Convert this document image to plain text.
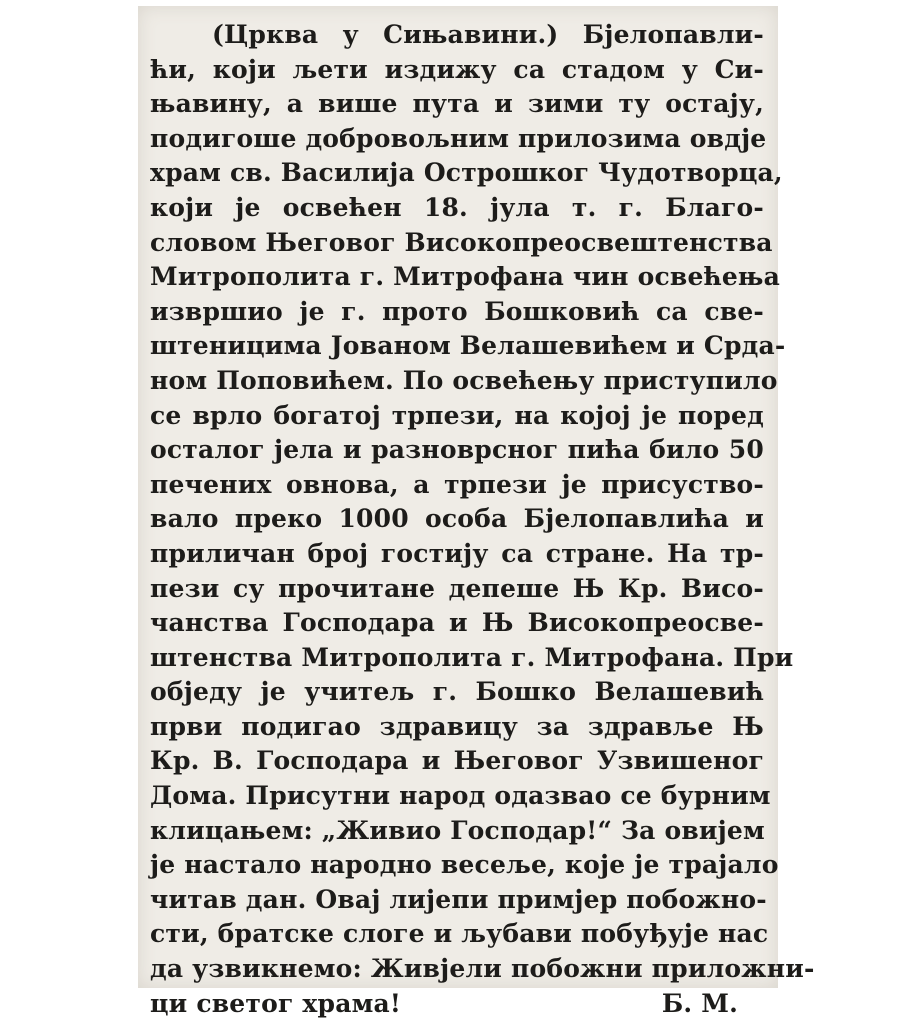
(Црква у Сињавини.) Бјелопавли-
ћи, који љети издижу са стадом у Си-
њавину, а више пута и зими ту остају,
подигоше добровољним прилозима овдје
храм св. Василија Острошког Чудотворца,
који је освећен 18. јула т. г. Благо-
словом Његовог Високопреосвештенства
Митрополита г. Митрофана чин освећења
извршио је г. прото Бошковић са све-
штеницима Јованом Велашевићем и Срда-
ном Поповићем. По освећењу приступило
се врло богатој трпези, на којој је поред
осталог јела и разноврсног пића било 50
печених овнова, а трпези је присуство-
вало преко 1000 особа Бјелопавлића и
приличан број гостију са стране. На тр-
пези су прочитане депеше Њ Кр. Висо-
чанства Господара и Њ Високопреосве-
штенства Митрополита г. Митрофана. При
обједу је учитељ г. Бошко Велашевић
први подигао здравицу за здравље Њ
Кр. В. Господара и Његовог Узвишеног
Дома. Присутни народ одазвао се бурним
клицањем: „Живио Господар!“ За овијем
је настало народно весеље, које је трајало
читав дан. Овај лијепи примјер побожно-
сти, братске слоге и љубави побуђује нас
да узвикнемо: Живјели побожни приложни-
ци светог храма!	Б. М.
